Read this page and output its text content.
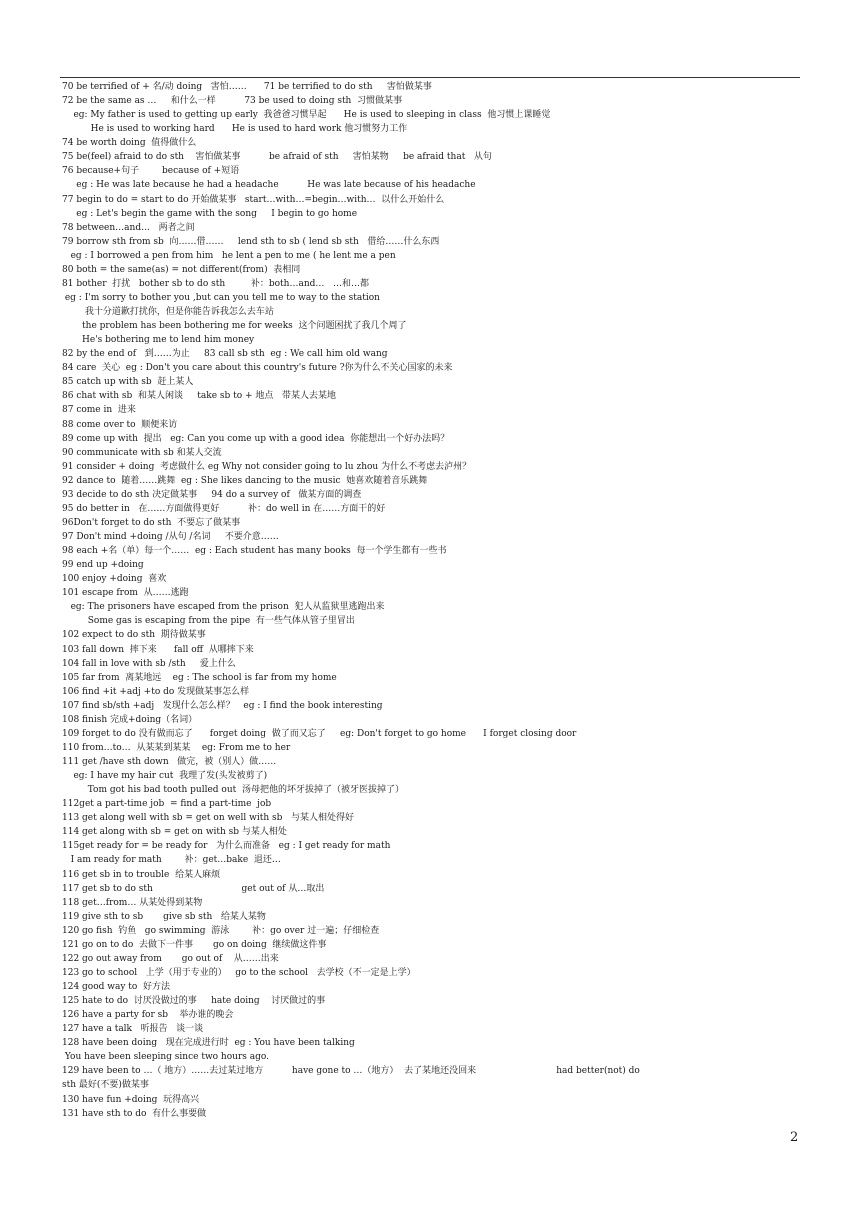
70 be terrified of + 名/动 doing   害怕……      71 be terrified to do sth     害怕做某事
72 be the same as …     和什么一样          73 be used to doing sth  习惯做某事
eg: My father is used to getting up early  我爸爸习惯早起      He is used to sleeping in class  他习惯上课睡觉
He is used to working hard      He is used to hard work 他习惯努力工作
74 be worth doing  值得做什么
75 be(feel) afraid to do sth    害怕做某事          be afraid of sth     害怕某物     be afraid that   从句
76 because+句子        because of +短语
eg : He was late because he had a headache          He was late because of his headache
77 begin to do = start to do 开始做某事   start…with…=begin…with…  以什么开始什么
eg : Let's begin the game with the song     I begin to go home
78 between…and…   两者之间
79 borrow sth from sb  向……借……     lend sth to sb ( lend sb sth   借给……什么东西
eg : I borrowed a pen from him   he lent a pen to me ( he lent me a pen
80 both = the same(as) = not different(from)  表相同
81 bother  打扰   bother sb to do sth         补：both…and…   …和…都
eg : I'm sorry to bother you ,but can you tell me to way to the station
我十分道歉打扰你，但是你能告诉我怎么去车站
the problem has been bothering me for weeks  这个问题困扰了我几个周了
He's bothering me to lend him money
82 by the end of   到……为止     83 call sb sth  eg : We call him old wang
84 care  关心  eg : Don't you care about this country's future ?你为什么不关心国家的未来
85 catch up with sb  赶上某人
86 chat with sb  和某人闲谈     take sb to + 地点   带某人去某地
87 come in  进来
88 come over to  顺便来访
89 come up with  提出   eg: Can you come up with a good idea  你能想出一个好办法吗？
90 communicate with sb 和某人交流
91 consider + doing  考虑做什么 eg Why not consider going to lu zhou 为什么不考虑去泸州？
92 dance to  随着……跳舞  eg : She likes dancing to the music  她喜欢随着音乐跳舞
93 decide to do sth 决定做某事     94 do a survey of   做某方面的调查
95 do better in   在……方面做得更好          补：do well in 在……方面干的好
96Don't forget to do sth  不要忘了做某事
97 Don't mind +doing /从句 /名词     不要介意……
98 each +名（单）每一个……  eg : Each student has many books  每一个学生都有一些书
99 end up +doing
100 enjoy +doing  喜欢
101 escape from  从……逃跑
eg: The prisoners have escaped from the prison  犯人从监狱里逃跑出来
Some gas is escaping from the pipe  有一些气体从管子里冒出
102 expect to do sth  期待做某事
103 fall down  摔下来      fall off  从哪摔下来
104 fall in love with sb /sth     爱上什么
105 far from  离某地远    eg : The school is far from my home
106 find +it +adj +to do 发现做某事怎么样
107 find sb/sth +adj   发现什么怎么样？   eg : I find the book interesting
108 finish 完成+doing（名词）
109 forget to do 没有做而忘了      forget doing  做了而又忘了     eg: Don't forget to go home      I forget closing door
110 from…to…  从某某到某某    eg: From me to her
111 get /have sth down   做完，被（别人）做……
eg: I have my hair cut  我理了发(头发被剪了)
Tom got his bad tooth pulled out  汤母把他的坏牙拔掉了（被牙医拔掉了）
112get a part-time job  = find a part-time  job
113 get along well with sb = get on well with sb   与某人相处得好
114 get along with sb = get on with sb 与某人相处
115get ready for = be ready for   为什么而准备   eg : I get ready for math
I am ready for math        补：get…bake  退还…
116 get sb in to trouble  给某人麻烦
117 get sb to do sth                               get out of 从…取出
118 get…from… 从某处得到某物
119 give sth to sb       give sb sth   给某人某物
120 go fish  钓鱼   go swimming  游泳        补：go over 过一遍；仔细检查
121 go on to do  去做下一件事       go on doing  继续做这件事
122 go out away from       go out of    从……出来
123 go to school   上学（用于专业的）   go to the school   去学校（不一定是上学）
124 good way to  好方法
125 hate to do  讨厌没做过的事     hate doing    讨厌做过的事
126 have a party for sb    举办谁的晚会
127 have a talk   听报告   谈一谈
128 have been doing   现在完成进行时  eg : You have been talking
You have been sleeping since two hours ago.
129 have been to …（ 地方）……去过某过地方          have gone to …（地方）  去了某地还没回来                            had better(not) do
sth 最好(不要)做某事
130 have fun +doing  玩得高兴
131 have sth to do  有什么事要做
2
